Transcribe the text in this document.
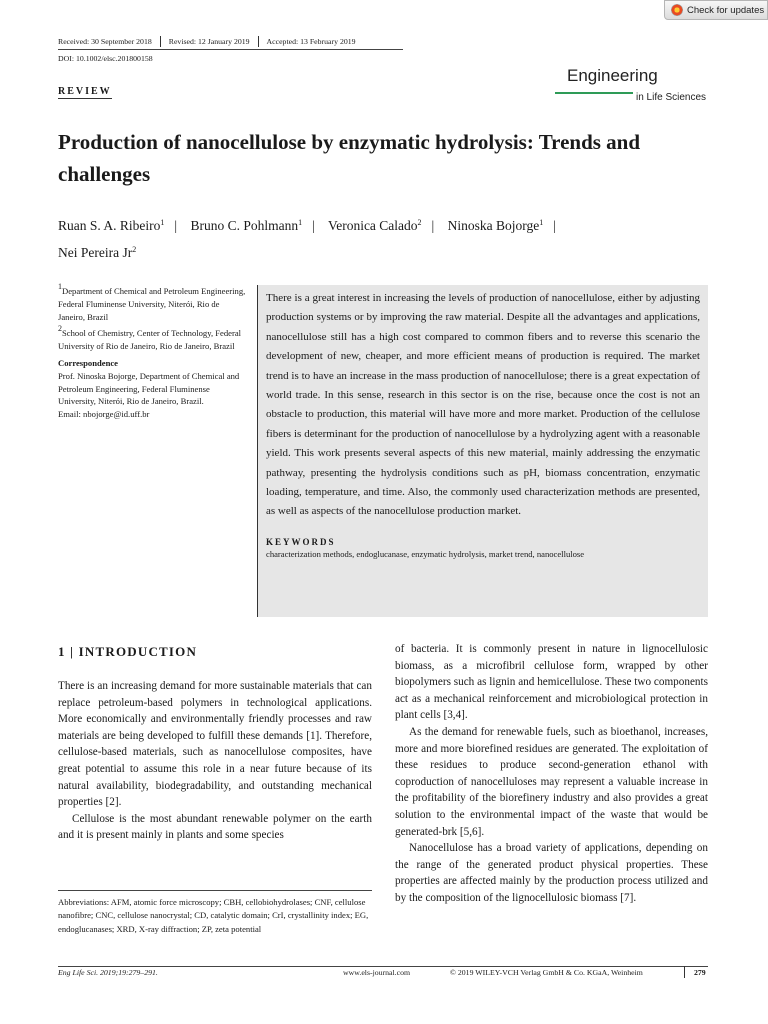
Check for updates
Received: 30 September 2018	Revised: 12 January 2019	Accepted: 13 February 2019
DOI: 10.1002/elsc.201800158
REVIEW
Engineering
in Life Sciences
Production of nanocellulose by enzymatic hydrolysis: Trends and challenges
Ruan S. A. Ribeiro$^1$ | Bruno C. Pohlmann$^1$ | Veronica Calado$^2$ | Ninoska Bojorge$^1$ |
Nei Pereira Jr$^2$

$^1$Department of Chemical and Petroleum Engineering, Federal Fluminense University, Niterói, Rio de Janeiro, Brazil

$^2$School of Chemistry, Center of Technology, Federal University of Rio de Janeiro, Rio de Janeiro, Brazil

Correspondence

Prof. Ninoska Bojorge, Department of Chemical and Petroleum Engineering, Federal Fluminense University, Niterói, Rio de Janeiro, Brazil.

Email: nbojorge@id.uff.br

There is a great interest in increasing the levels of production of nanocellulose, either by adjusting production systems or by improving the raw material. Despite all the advantages and applications, nanocellulose still has a high cost compared to common fibers and to reverse this scenario the development of new, cheaper, and more efficient means of production is required. The market trend is to have an increase in the mass production of nanocellulose; there is a great expectation of world trade. In this sense, research in this sector is on the rise, because once the cost is not an obstacle to production, this material will have more and more market. Production of the cellulose fibers is determinant for the production of nanocellulose by a hydrolyzing agent with a reasonable yield. This work presents several aspects of this new material, mainly addressing the enzymatic pathway, presenting the hydrolysis conditions such as pH, biomass concentration, enzymatic loading, temperature, and time. Also, the commonly used characterization methods are presented, as well as aspects of the nanocellulose production market.

KEYWORDS

characterization methods, endoglucanase, enzymatic hydrolysis, market trend, nanocellulose

1 | INTRODUCTION

There is an increasing demand for more sustainable materials that can replace petroleum-based polymers in technological applications. More economically and environmentally friendly processes and raw materials are being developed to fulfill these demands [1]. Therefore, cellulose-based materials, such as nanocellulose composites, have great potential to assume this role in a near future because of its natural availability, biodegradability, and outstanding mechanical properties [2].

Cellulose is the most abundant renewable polymer on the earth and it is present mainly in plants and some species

of bacteria. It is commonly present in nature in lignocellulosic biomass, as a microfibril cellulose form, wrapped by other biopolymers such as lignin and hemicellulose. These two components act as a mechanical reinforcement and microbiological protection in plant cells [3,4].

As the demand for renewable fuels, such as bioethanol, increases, more and more biorefined residues are generated. The exploitation of these residues to produce second-generation ethanol with coproduction of nanocelluloses may represent a valuable increase in the profitability of the biorefinery industry and also provides a great solution to the environmental impact of the waste that would be generated-brk [5,6].

Nanocellulose has a broad variety of applications, depending on the range of the generated product physical properties. These properties are affected mainly by the production process utilized and by the composition of the lignocellulosic biomass [7].

Abbreviations: AFM, atomic force microscopy; CBH, cellobiohydrolases; CNF, cellulose nanofibre; CNC, cellulose nanocrystal; CD, catalytic domain; CrI, crystallinity index; EG, endoglucanases; XRD, X-ray diffraction; ZP, zeta potential
Eng Life Sci. 2019;19:279–291.	www.els-journal.com	© 2019 WILEY-VCH Verlag GmbH & Co. KGaA, Weinheim	279
